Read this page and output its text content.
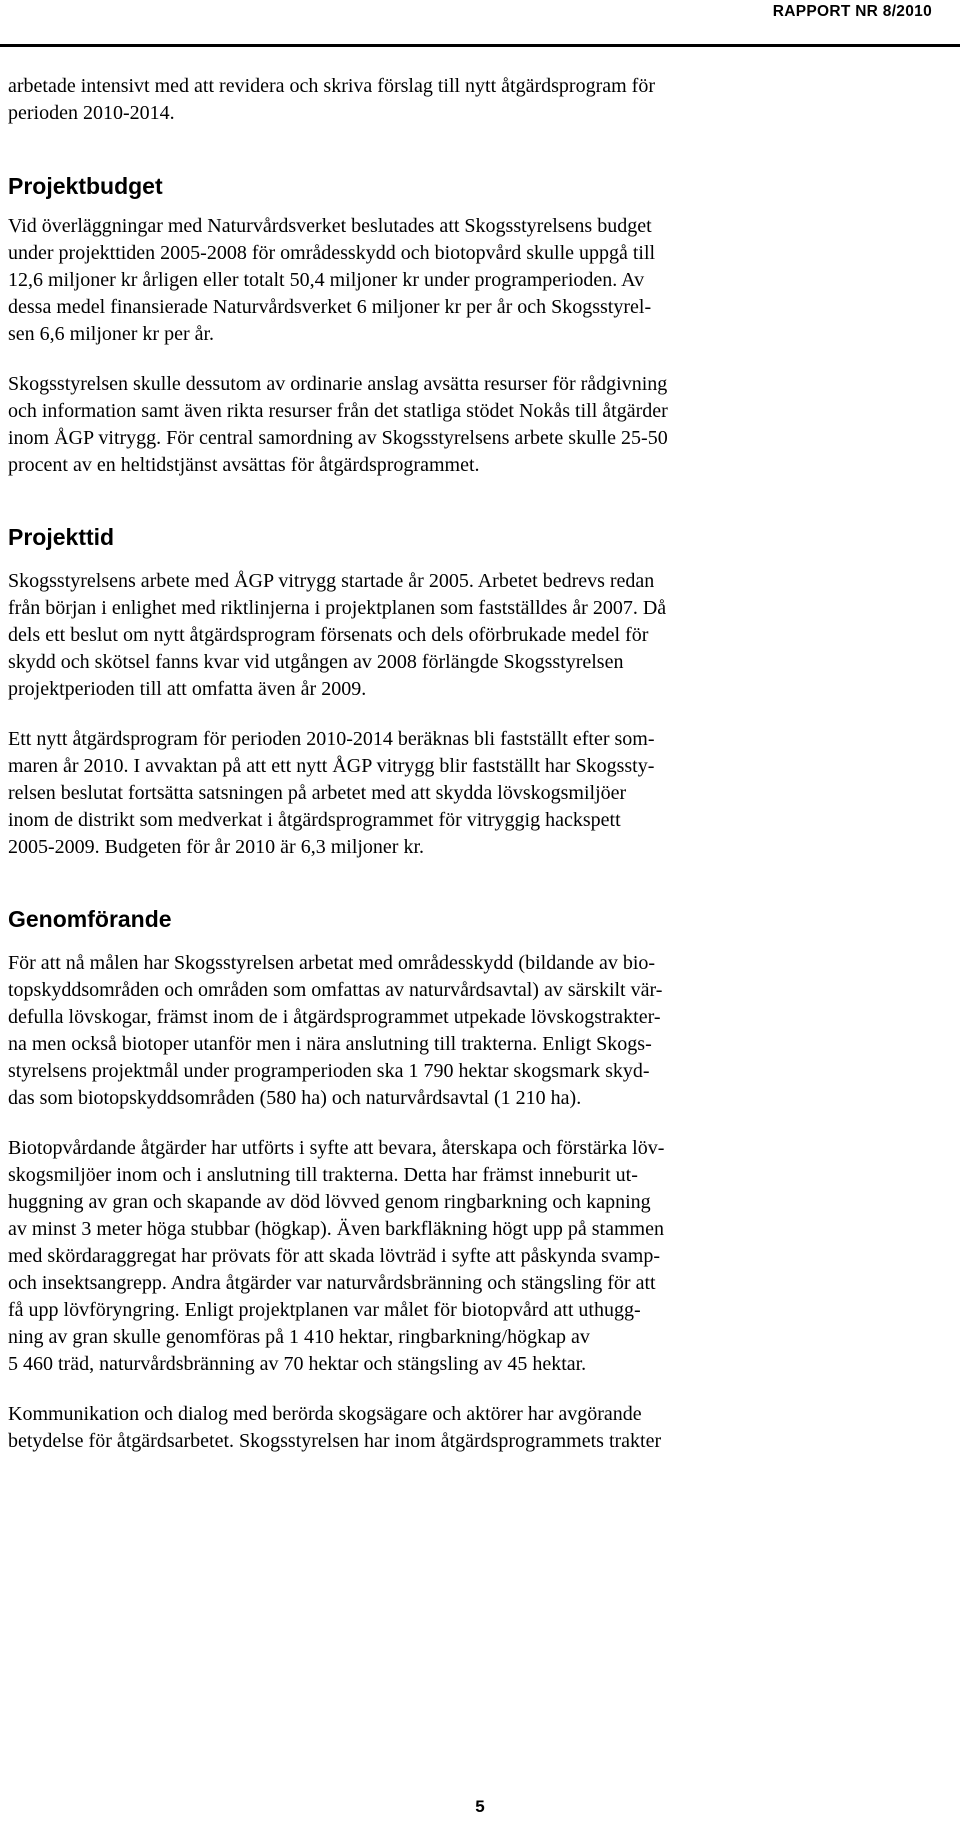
RAPPORT NR 8/2010

arbetade intensivt med att revidera och skriva förslag till nytt åtgärdsprogram för
perioden 2010-2014.

Projektbudget

Vid överläggningar med Naturvårdsverket beslutades att Skogsstyrelsens budget
under projekttiden 2005-2008 för områdesskydd och biotopvård skulle uppgå till
12,6 miljoner kr årligen eller totalt 50,4 miljoner kr under programperioden. Av
dessa medel finansierade Naturvårdsverket 6 miljoner kr per år och Skogsstyrel-
sen 6,6 miljoner kr per år.

Skogsstyrelsen skulle dessutom av ordinarie anslag avsätta resurser för rådgivning
och information samt även rikta resurser från det statliga stödet Nokås till åtgärder
inom ÅGP vitrygg. För central samordning av Skogsstyrelsens arbete skulle 25-50
procent av en heltidstjänst avsättas för åtgärdsprogrammet.

Projekttid

Skogsstyrelsens arbete med ÅGP vitrygg startade år 2005. Arbetet bedrevs redan
från början i enlighet med riktlinjerna i projektplanen som fastställdes år 2007. Då
dels ett beslut om nytt åtgärdsprogram försenats och dels oförbrukade medel för
skydd och skötsel fanns kvar vid utgången av 2008 förlängde Skogsstyrelsen
projektperioden till att omfatta även år 2009.

Ett nytt åtgärdsprogram för perioden 2010-2014 beräknas bli fastställt efter som-
maren år 2010. I avvaktan på att ett nytt ÅGP vitrygg blir fastställt har Skogssty-
relsen beslutat fortsätta satsningen på arbetet med att skydda lövskogsmiljöer
inom de distrikt som medverkat i åtgärdsprogrammet för vitryggig hackspett
2005-2009. Budgeten för år 2010 är 6,3 miljoner kr.

Genomförande

För att nå målen har Skogsstyrelsen arbetat med områdesskydd (bildande av bio-
topskyddsområden och områden som omfattas av naturvårdsavtal) av särskilt vär-
defulla lövskogar, främst inom de i åtgärdsprogrammet utpekade lövskogstrakter-
na men också biotoper utanför men i nära anslutning till trakterna. Enligt Skogs-
styrelsens projektmål under programperioden ska 1 790 hektar skogsmark skyd-
das som biotopskyddsområden (580 ha) och naturvårdsavtal (1 210 ha).

Biotopvårdande åtgärder har utförts i syfte att bevara, återskapa och förstärka löv-
skogsmiljöer inom och i anslutning till trakterna. Detta har främst inneburit ut-
huggning av gran och skapande av död lövved genom ringbarkning och kapning
av minst 3 meter höga stubbar (högkap). Även barkfläkning högt upp på stammen
med skördaraggregat har prövats för att skada lövträd i syfte att påskynda svamp-
och insektsangrepp. Andra åtgärder var naturvårdsbränning och stängsling för att
få upp lövföryngring. Enligt projektplanen var målet för biotopvård att uthugg-
ning av gran skulle genomföras på 1 410 hektar, ringbarkning/högkap av
5 460 träd, naturvårdsbränning av 70 hektar och stängsling av 45 hektar.

Kommunikation och dialog med berörda skogsägare och aktörer har avgörande
betydelse för åtgärdsarbetet. Skogsstyrelsen har inom åtgärdsprogrammets trakter

5
